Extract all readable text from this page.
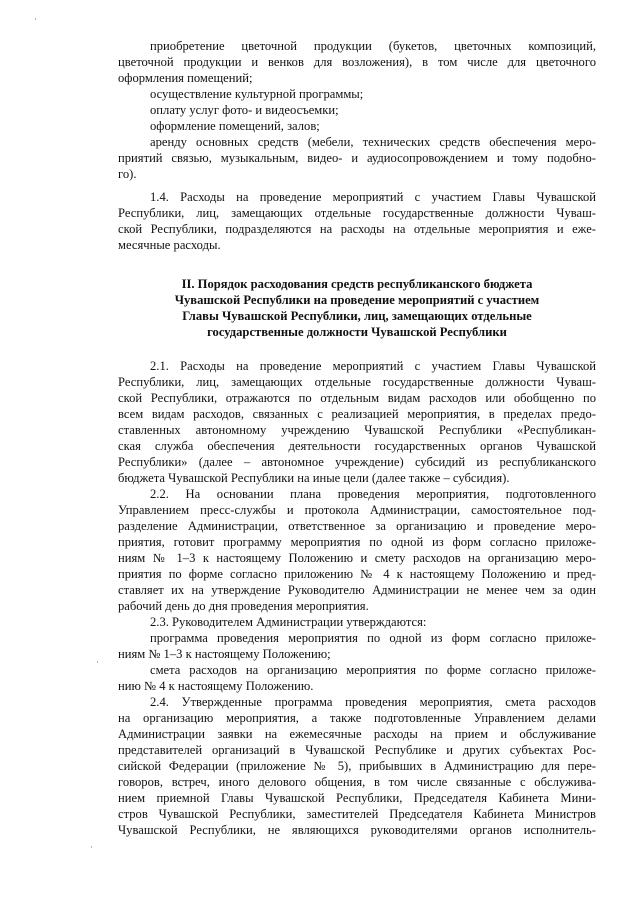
·
·
·
приобретение цветочной продукции (букетов, цветочных композиций,
цветочной продукции и венков для возложения), в том числе для цветочного
оформления помещений;
осуществление культурной программы;
оплату услуг фото- и видеосъемки;
оформление помещений, залов;
аренду основных средств (мебели, технических средств обеспечения меро-
приятий связью, музыкальным, видео- и аудиосопровождением и тому подобно-
го).
1.4. Расходы на проведение мероприятий с участием Главы Чувашской
Республики, лиц, замещающих отдельные государственные должности Чуваш-
ской Республики, подразделяются на расходы на отдельные мероприятия и еже-
месячные расходы.
II. Порядок расходования средств республиканского бюджета
Чувашской Республики на проведение мероприятий с участием
Главы Чувашской Республики, лиц, замещающих отдельные
государственные должности Чувашской Республики
2.1. Расходы на проведение мероприятий с участием Главы Чувашской
Республики, лиц, замещающих отдельные государственные должности Чуваш-
ской Республики, отражаются по отдельным видам расходов или обобщенно по
всем видам расходов, связанных с реализацией мероприятия, в пределах предо-
ставленных автономному учреждению Чувашской Республики «Республикан-
ская служба обеспечения деятельности государственных органов Чувашской
Республики» (далее – автономное учреждение) субсидий из республиканского
бюджета Чувашской Республики на иные цели (далее также – субсидия).
2.2. На основании плана проведения мероприятия, подготовленного
Управлением пресс-службы и протокола Администрации, самостоятельное под-
разделение Администрации, ответственное за организацию и проведение меро-
приятия, готовит программу мероприятия по одной из форм согласно приложе-
ниям № 1–3 к настоящему Положению и смету расходов на организацию меро-
приятия по форме согласно приложению № 4 к настоящему Положению и пред-
ставляет их на утверждение Руководителю Администрации не менее чем за один
рабочий день до дня проведения мероприятия.
2.3. Руководителем Администрации утверждаются:
программа проведения мероприятия по одной из форм согласно приложе-
ниям № 1–3 к настоящему Положению;
смета расходов на организацию мероприятия по форме согласно приложе-
нию № 4 к настоящему Положению.
2.4. Утвержденные программа проведения мероприятия, смета расходов
на организацию мероприятия, а также подготовленные Управлением делами
Администрации заявки на ежемесячные расходы на прием и обслуживание
представителей организаций в Чувашской Республике и других субъектах Рос-
сийской Федерации (приложение № 5), прибывших в Администрацию для пере-
говоров, встреч, иного делового общения, в том числе связанные с обслужива-
нием приемной Главы Чувашской Республики, Председателя Кабинета Мини-
стров Чувашской Республики, заместителей Председателя Кабинета Министров
Чувашской Республики, не являющихся руководителями органов исполнитель-
